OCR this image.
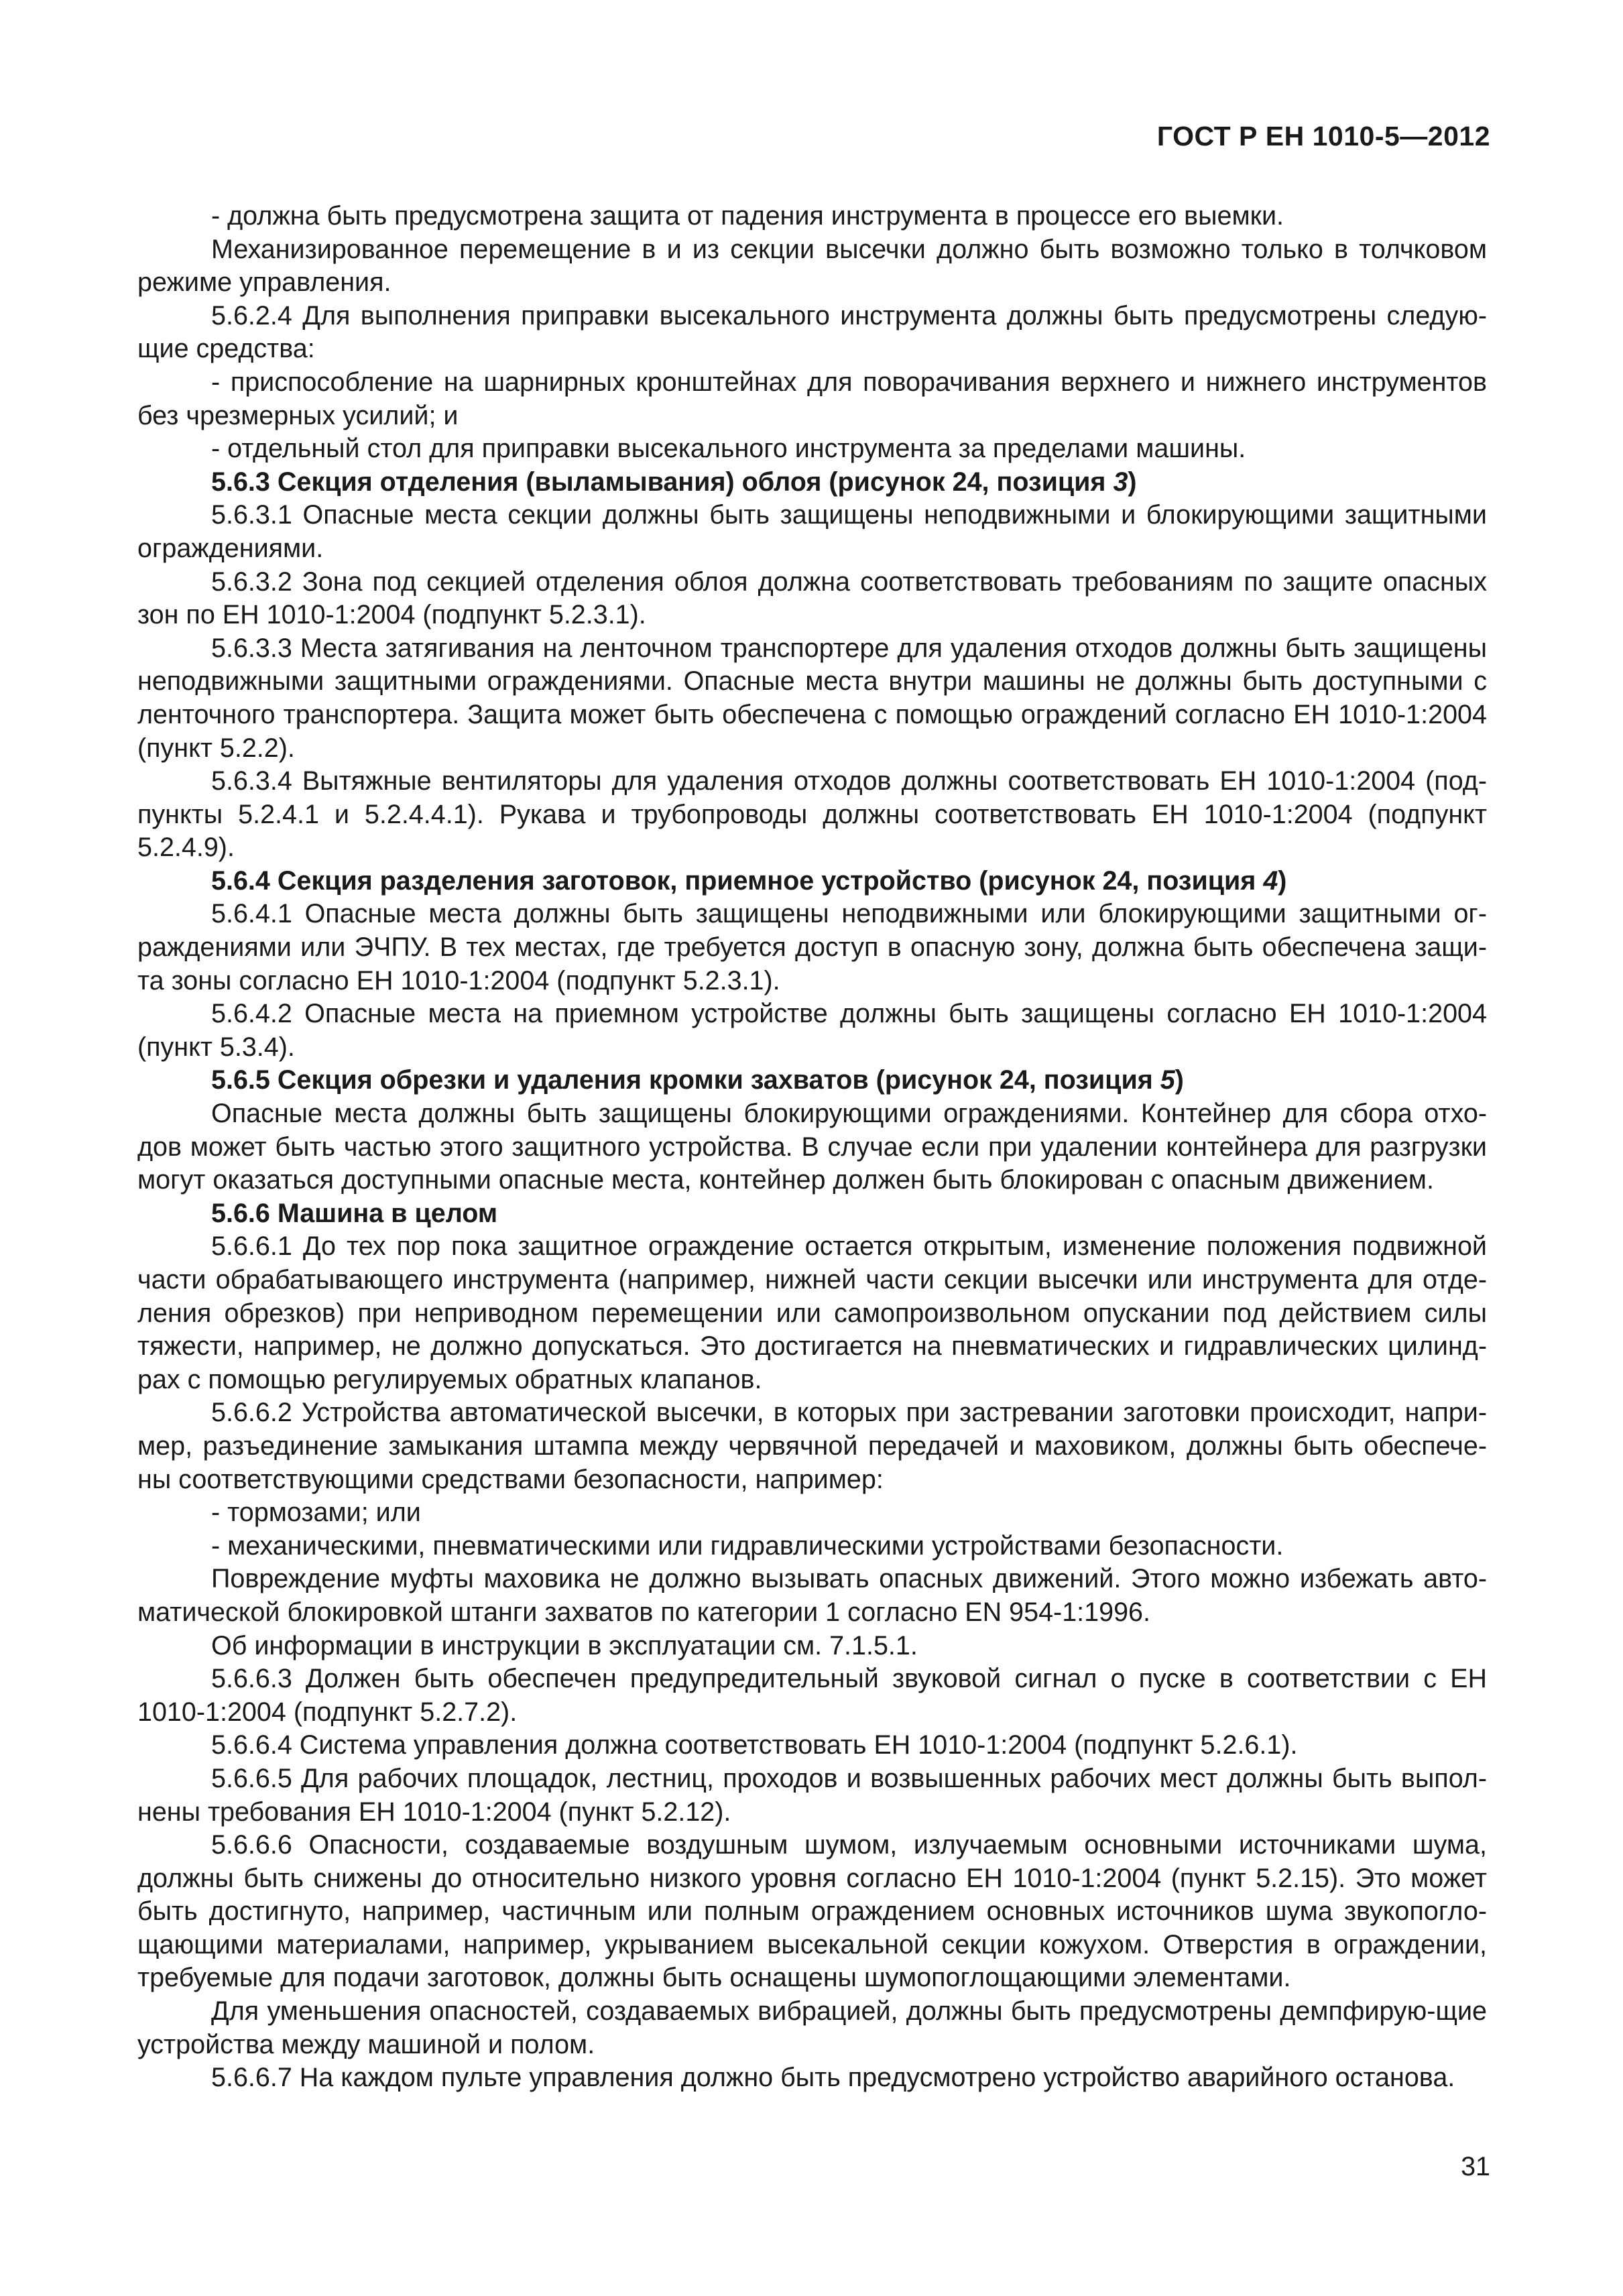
ГОСТ Р ЕН 1010-5—2012

- должна быть предусмотрена защита от падения инструмента в процессе его выемки.

Механизированное перемещение в и из секции высечки должно быть возможно только в толчковом режиме управления.

5.6.2.4 Для выполнения приправки высекального инструмента должны быть предусмотрены следую-щие средства:

- приспособление на шарнирных кронштейнах для поворачивания верхнего и нижнего инструментов без чрезмерных усилий; и

- отдельный стол для приправки высекального инструмента за пределами машины.

5.6.3 Секция отделения (выламывания) облоя (рисунок 24, позиция 3)

5.6.3.1 Опасные места секции должны быть защищены неподвижными и блокирующими защитными ограждениями.

5.6.3.2 Зона под секцией отделения облоя должна соответствовать требованиям по защите опасных зон по ЕН 1010-1:2004 (подпункт 5.2.3.1).

5.6.3.3 Места затягивания на ленточном транспортере для удаления отходов должны быть защищены неподвижными защитными ограждениями. Опасные места внутри машины не должны быть доступными с ленточного транспортера. Защита может быть обеспечена с помощью ограждений согласно ЕН 1010-1:2004 (пункт 5.2.2).

5.6.3.4 Вытяжные вентиляторы для удаления отходов должны соответствовать ЕН 1010-1:2004 (под-пункты 5.2.4.1 и 5.2.4.4.1). Рукава и трубопроводы должны соответствовать ЕН 1010-1:2004 (подпункт 5.2.4.9).

5.6.4 Секция разделения заготовок, приемное устройство (рисунок 24, позиция 4)

5.6.4.1 Опасные места должны быть защищены неподвижными или блокирующими защитными ог-раждениями или ЭЧПУ. В тех местах, где требуется доступ в опасную зону, должна быть обеспечена защи-та зоны согласно ЕН 1010-1:2004 (подпункт 5.2.3.1).

5.6.4.2 Опасные места на приемном устройстве должны быть защищены согласно ЕН 1010-1:2004 (пункт 5.3.4).

5.6.5 Секция обрезки и удаления кромки захватов (рисунок 24, позиция 5)

Опасные места должны быть защищены блокирующими ограждениями. Контейнер для сбора отхо-дов может быть частью этого защитного устройства. В случае если при удалении контейнера для разгрузки могут оказаться доступными опасные места, контейнер должен быть блокирован с опасным движением.

5.6.6 Машина в целом

5.6.6.1 До тех пор пока защитное ограждение остается открытым, изменение положения подвижной части обрабатывающего инструмента (например, нижней части секции высечки или инструмента для отде-ления обрезков) при неприводном перемещении или самопроизвольном опускании под действием силы тяжести, например, не должно допускаться. Это достигается на пневматических и гидравлических цилинд-рах с помощью регулируемых обратных клапанов.

5.6.6.2 Устройства автоматической высечки, в которых при застревании заготовки происходит, напри-мер, разъединение замыкания штампа между червячной передачей и маховиком, должны быть обеспече-ны соответствующими средствами безопасности, например:

- тормозами; или

- механическими, пневматическими или гидравлическими устройствами безопасности.

Повреждение муфты маховика не должно вызывать опасных движений. Этого можно избежать авто-матической блокировкой штанги захватов по категории 1 согласно EN 954-1:1996.

Об информации в инструкции в эксплуатации см. 7.1.5.1.

5.6.6.3 Должен быть обеспечен предупредительный звуковой сигнал о пуске в соответствии с ЕН 1010-1:2004 (подпункт 5.2.7.2).

5.6.6.4 Система управления должна соответствовать ЕН 1010-1:2004 (подпункт 5.2.6.1).

5.6.6.5 Для рабочих площадок, лестниц, проходов и возвышенных рабочих мест должны быть выпол-нены требования ЕН 1010-1:2004 (пункт 5.2.12).

5.6.6.6 Опасности, создаваемые воздушным шумом, излучаемым основными источниками шума, должны быть снижены до относительно низкого уровня согласно ЕН 1010-1:2004 (пункт 5.2.15). Это может быть достигнуто, например, частичным или полным ограждением основных источников шума звукопогло-щающими материалами, например, укрыванием высекальной секции кожухом. Отверстия в ограждении, требуемые для подачи заготовок, должны быть оснащены шумопоглощающими элементами.

Для уменьшения опасностей, создаваемых вибрацией, должны быть предусмотрены демпфирую-щие устройства между машиной и полом.

5.6.6.7 На каждом пульте управления должно быть предусмотрено устройство аварийного останова.

31
